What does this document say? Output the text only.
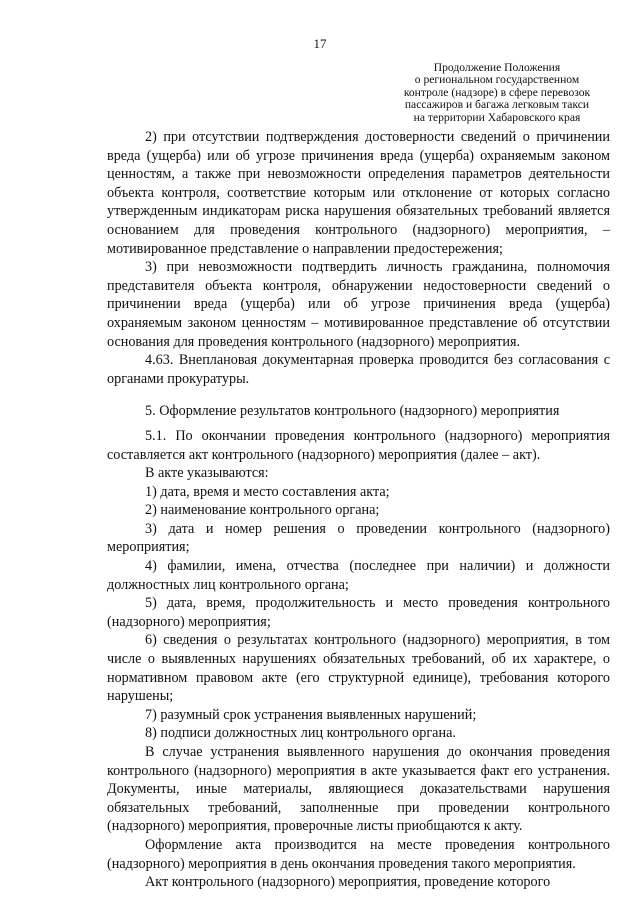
17
Продолжение Положения
о региональном государственном
контроле (надзоре) в сфере перевозок
пассажиров и багажа легковым такси
на территории Хабаровского края

2) при отсутствии подтверждения достоверности сведений о причинении вреда (ущерба) или об угрозе причинения вреда (ущерба) охраняемым законом ценностям, а также при невозможности определения параметров деятельности объекта контроля, соответствие которым или отклонение от которых согласно утвержденным индикаторам риска нарушения обязательных требований является основанием для проведения контрольного (надзорного) мероприятия, – мотивированное представление о направлении предостережения;

3) при невозможности подтвердить личность гражданина, полномочия представителя объекта контроля, обнаружении недостоверности сведений о причинении вреда (ущерба) или об угрозе причинения вреда (ущерба) охраняемым законом ценностям – мотивированное представление об отсутствии основания для проведения контрольного (надзорного) мероприятия.

4.63. Внеплановая документарная проверка проводится без согласования с органами прокуратуры.

5. Оформление результатов контрольного (надзорного) мероприятия

5.1. По окончании проведения контрольного (надзорного) мероприятия составляется акт контрольного (надзорного) мероприятия (далее – акт).

В акте указываются:

1) дата, время и место составления акта;

2) наименование контрольного органа;

3) дата и номер решения о проведении контрольного (надзорного) мероприятия;

4) фамилии, имена, отчества (последнее при наличии) и должности должностных лиц контрольного органа;

5) дата, время, продолжительность и место проведения контрольного (надзорного) мероприятия;

6) сведения о результатах контрольного (надзорного) мероприятия, в том числе о выявленных нарушениях обязательных требований, об их характере, о нормативном правовом акте (его структурной единице), требования которого нарушены;

7) разумный срок устранения выявленных нарушений;

8) подписи должностных лиц контрольного органа.

В случае устранения выявленного нарушения до окончания проведения контрольного (надзорного) мероприятия в акте указывается факт его устранения. Документы, иные материалы, являющиеся доказательствами нарушения обязательных требований, заполненные при проведении контрольного (надзорного) мероприятия, проверочные листы приобщаются к акту.

Оформление акта производится на месте проведения контрольного (надзорного) мероприятия в день окончания проведения такого мероприятия.

Акт контрольного (надзорного) мероприятия, проведение которого
